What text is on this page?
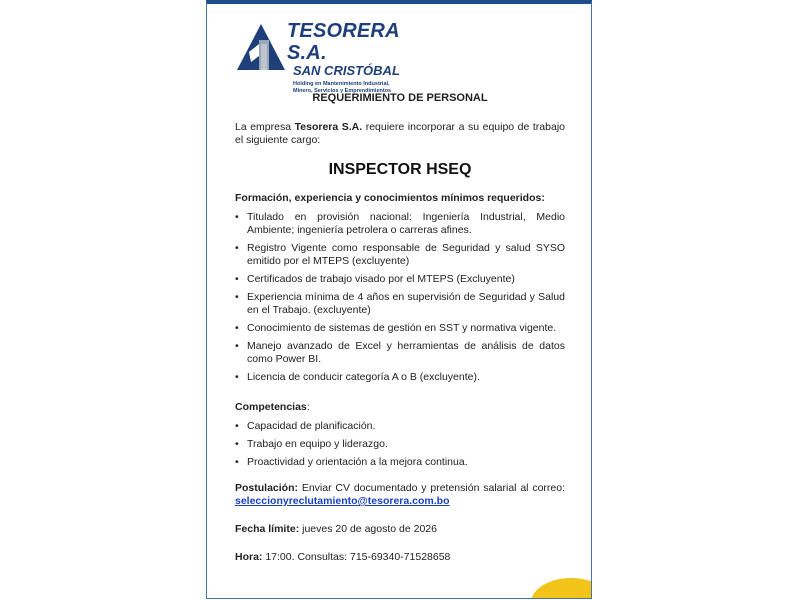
TESORERA S.A.
SAN CRISTÓBAL
Holding en Mantenimiento Industrial,
Minero, Servicios y Emprendimientos

REQUERIMIENTO DE PERSONAL

La empresa Tesorera S.A. requiere incorporar a su equipo de trabajo el siguiente cargo:

INSPECTOR HSEQ

Formación, experiencia y conocimientos mínimos requeridos:

• Titulado en provisión nacional: Ingeniería Industrial, Medio Ambiente; ingeniería petrolera o carreras afines.
• Registro Vigente como responsable de Seguridad y salud SYSO emitido por el MTEPS (excluyente)
• Certificados de trabajo visado por el MTEPS (Excluyente)
• Experiencia mínima de 4 años en supervisión de Seguridad y Salud en el Trabajo. (excluyente)
• Conocimiento de sistemas de gestión en SST y normativa vigente.
• Manejo avanzado de Excel y herramientas de análisis de datos como Power BI.
• Licencia de conducir categoría A o B (excluyente).

Competencias:

• Capacidad de planificación.
• Trabajo en equipo y liderazgo.
• Proactividad y orientación a la mejora continua.

Postulación: Enviar CV documentado y pretensión salarial al correo: seleccionyreclutamiento@tesorera.com.bo

Fecha límite: jueves 20 de agosto de 2026

Hora: 17:00. Consultas: 715-69340-71528658
